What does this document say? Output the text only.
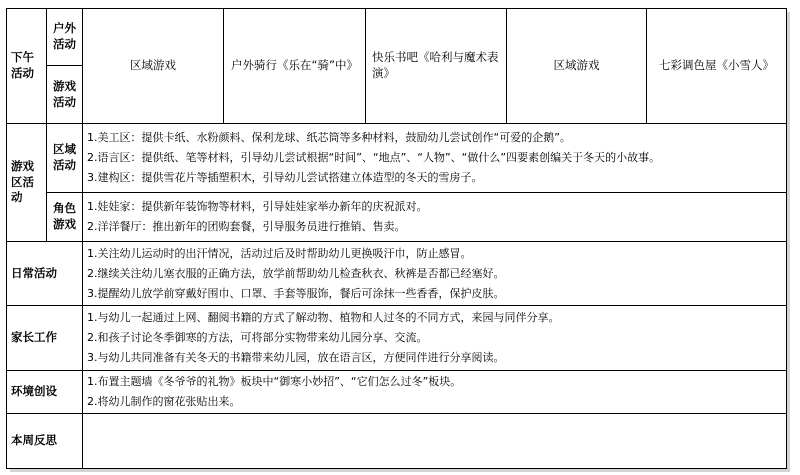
下午活动	户外活动	区域游戏	户外骑行《乐在“骑”中》	快乐书吧《哈利与魔术表演》	区域游戏	七彩调色屋《小雪人》
	游戏活动					
游戏区活动	区域活动	1.美工区：提供卡纸、水粉颜料、保利龙球、纸芯筒等多种材料，鼓励幼儿尝试创作“可爱的企鹅”。
2.语言区：提供纸、笔等材料，引导幼儿尝试根据“时间”、“地点”、“人物”、“做什么”四要素创编关于冬天的小故事。
3.建构区：提供雪花片等插塑积木，引导幼儿尝试搭建立体造型的冬天的雪房子。				

	角色游戏	1.娃娃家：提供新年装饰物等材料，引导娃娃家举办新年的庆祝派对。
2.洋洋餐厅：推出新年的团购套餐，引导服务员进行推销、售卖。				

日常活动		1.关注幼儿运动时的出汗情况，活动过后及时帮助幼儿更换吸汗巾，防止感冒。
2.继续关注幼儿塞衣服的正确方法，放学前帮助幼儿检查秋衣、秋裤是否都已经塞好。
3.提醒幼儿放学前穿戴好围巾、口罩、手套等服饰，餐后可涂抹一些香香，保护皮肤。				

家长工作		1.与幼儿一起通过上网、翻阅书籍的方式了解动物、植物和人过冬的不同方式，来园与同伴分享。
2.和孩子讨论冬季御寒的方法，可将部分实物带来幼儿园分享、交流。
3.与幼儿共同准备有关冬天的书籍带来幼儿园，放在语言区，方便同伴进行分享阅读。				

环境创设		1.布置主题墙《冬爷爷的礼物》板块中“御寒小妙招”、“它们怎么过冬”板块。
2.将幼儿制作的窗花张贴出来。				

本周反思						
